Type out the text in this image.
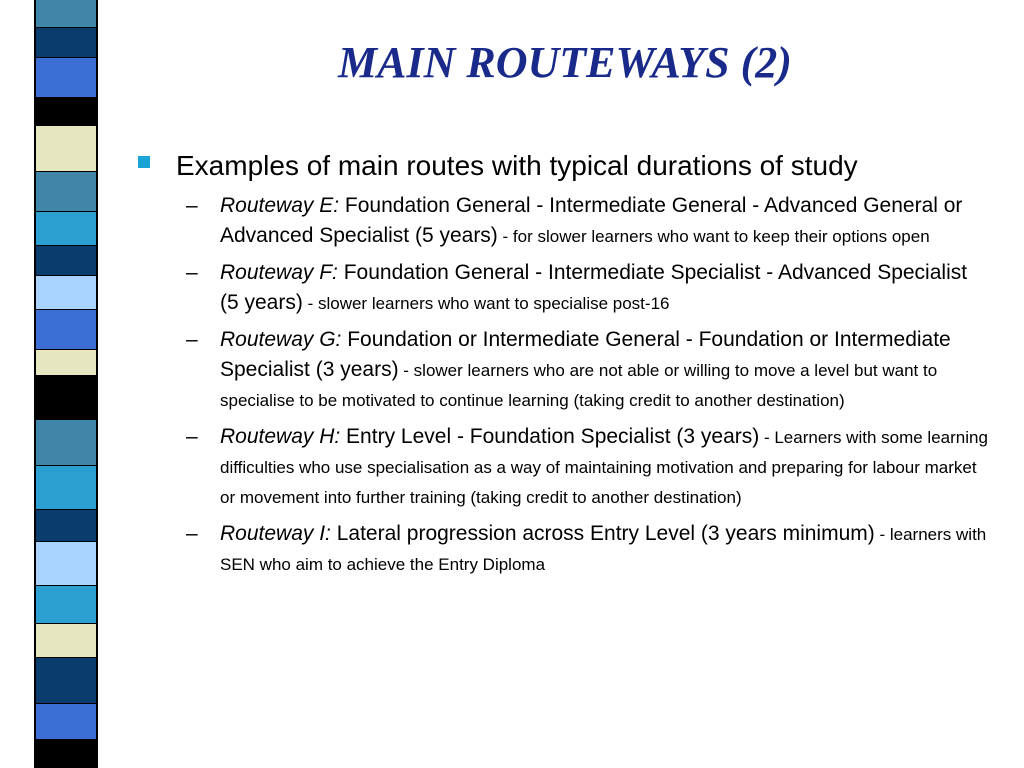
MAIN ROUTEWAYS (2)

Examples of main routes with typical durations of study

–	Routeway E: Foundation General - Intermediate General - Advanced General or Advanced Specialist (5 years) - for slower learners who want to keep their options open
–	Routeway F: Foundation General - Intermediate Specialist - Advanced Specialist (5 years) - slower learners who want to specialise post-16
–	Routeway G: Foundation or Intermediate General - Foundation or Intermediate Specialist (3 years) - slower learners who are not able or willing to move a level but want to specialise to be motivated to continue learning (taking credit to another destination)
–	Routeway H: Entry Level - Foundation Specialist (3 years) - Learners with some learning difficulties who use specialisation as a way of maintaining motivation and preparing for labour market or movement into further training (taking credit to another destination)
–	Routeway I: Lateral progression across Entry Level (3 years minimum) - learners with SEN who aim to achieve the Entry Diploma
